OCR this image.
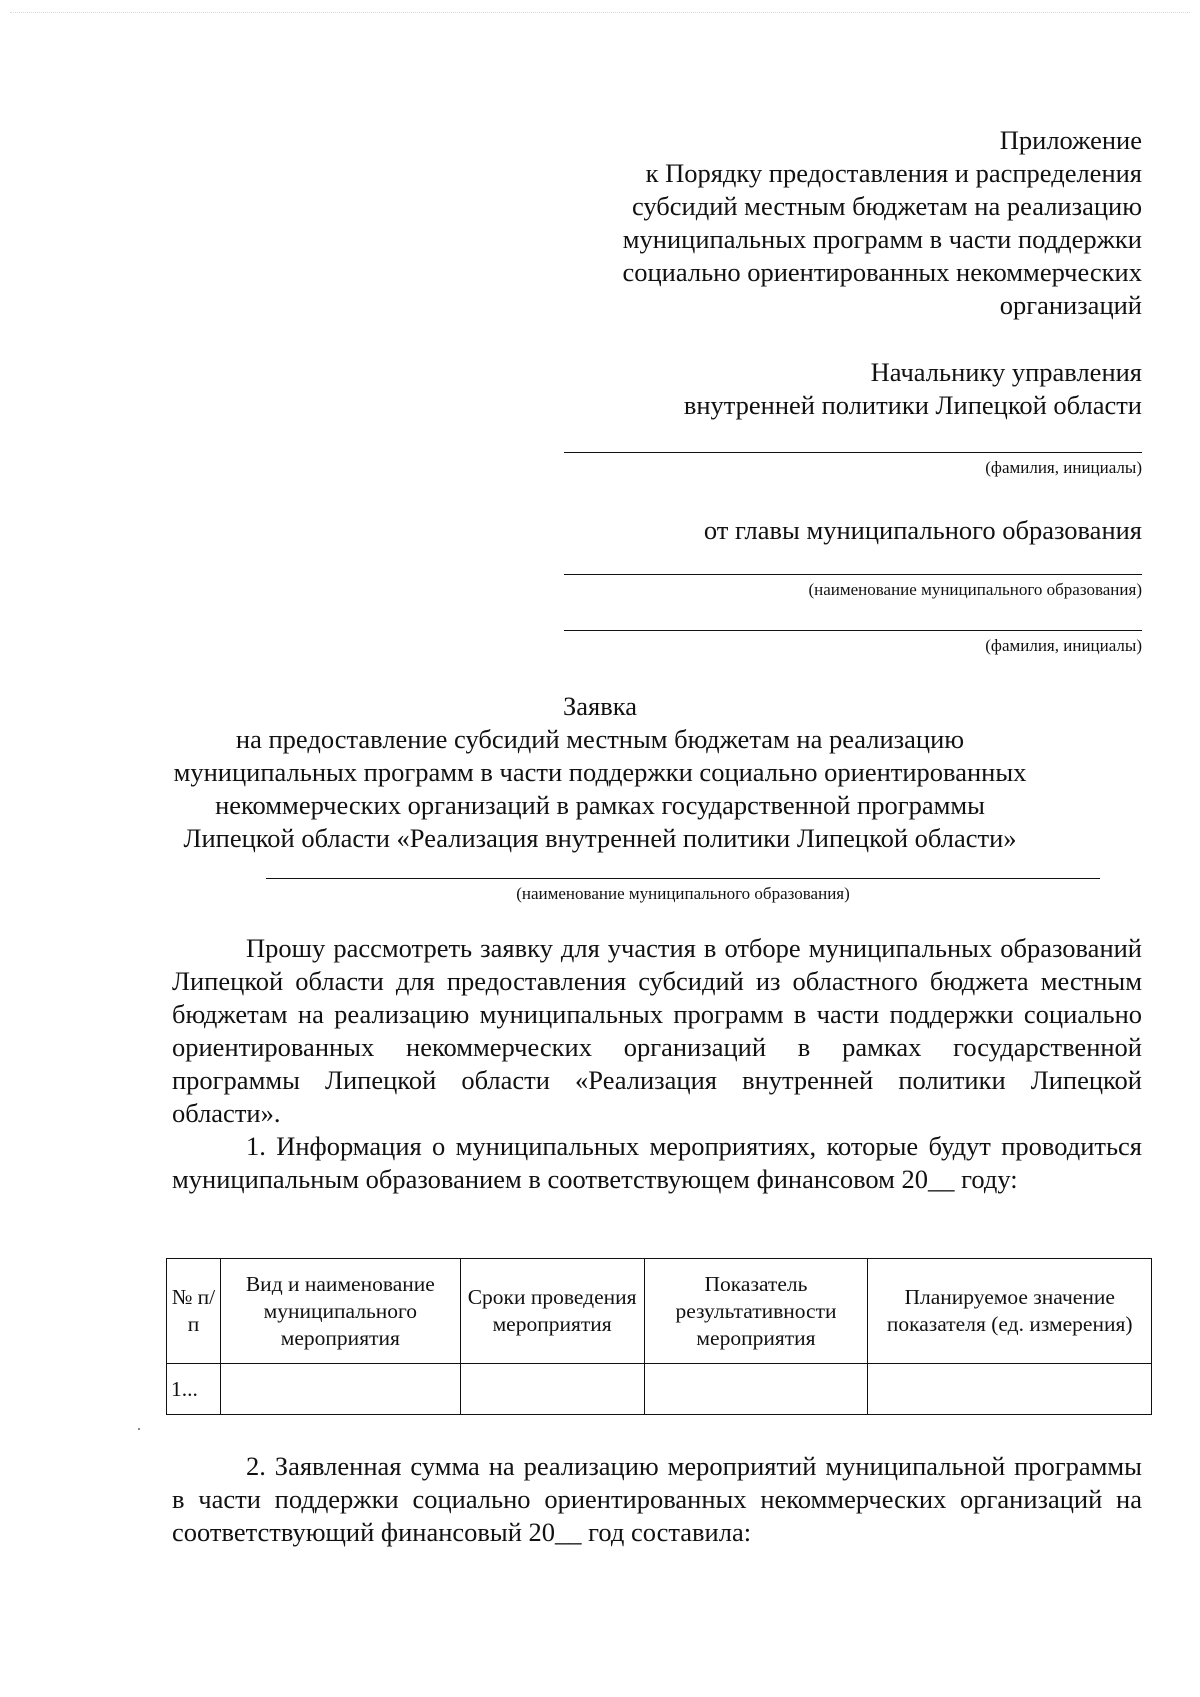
Приложение
к Порядку предоставления и распределения
субсидий местным бюджетам на реализацию
муниципальных программ в части поддержки
социально ориентированных некоммерческих
организаций
Начальнику управления
внутренней политики Липецкой области
(фамилия, инициалы)
от главы муниципального образования
(наименование муниципального образования)
(фамилия, инициалы)
Заявка
на предоставление субсидий местным бюджетам на реализацию
муниципальных программ в части поддержки социально ориентированных
некоммерческих организаций в рамках государственной программы
Липецкой области «Реализация внутренней политики Липецкой области»
(наименование муниципального образования)
Прошу рассмотреть заявку для участия в отборе муниципальных образований Липецкой области для предоставления субсидий из областного бюджета местным бюджетам на реализацию муниципальных программ в части поддержки социально ориентированных некоммерческих организаций в рамках государственной программы Липецкой области «Реализация внутренней политики Липецкой области».
1. Информация о муниципальных мероприятиях, которые будут проводиться муниципальным образованием в соответствующем финансовом 20__ году:
№ п/п	Вид и наименование муниципального мероприятия	Сроки проведения мероприятия	Показатель результативности мероприятия	Планируемое значение показателя (ед. измерения)
1...				
2. Заявленная сумма на реализацию мероприятий муниципальной программы в части поддержки социально ориентированных некоммерческих организаций на соответствующий финансовый 20__ год составила:
